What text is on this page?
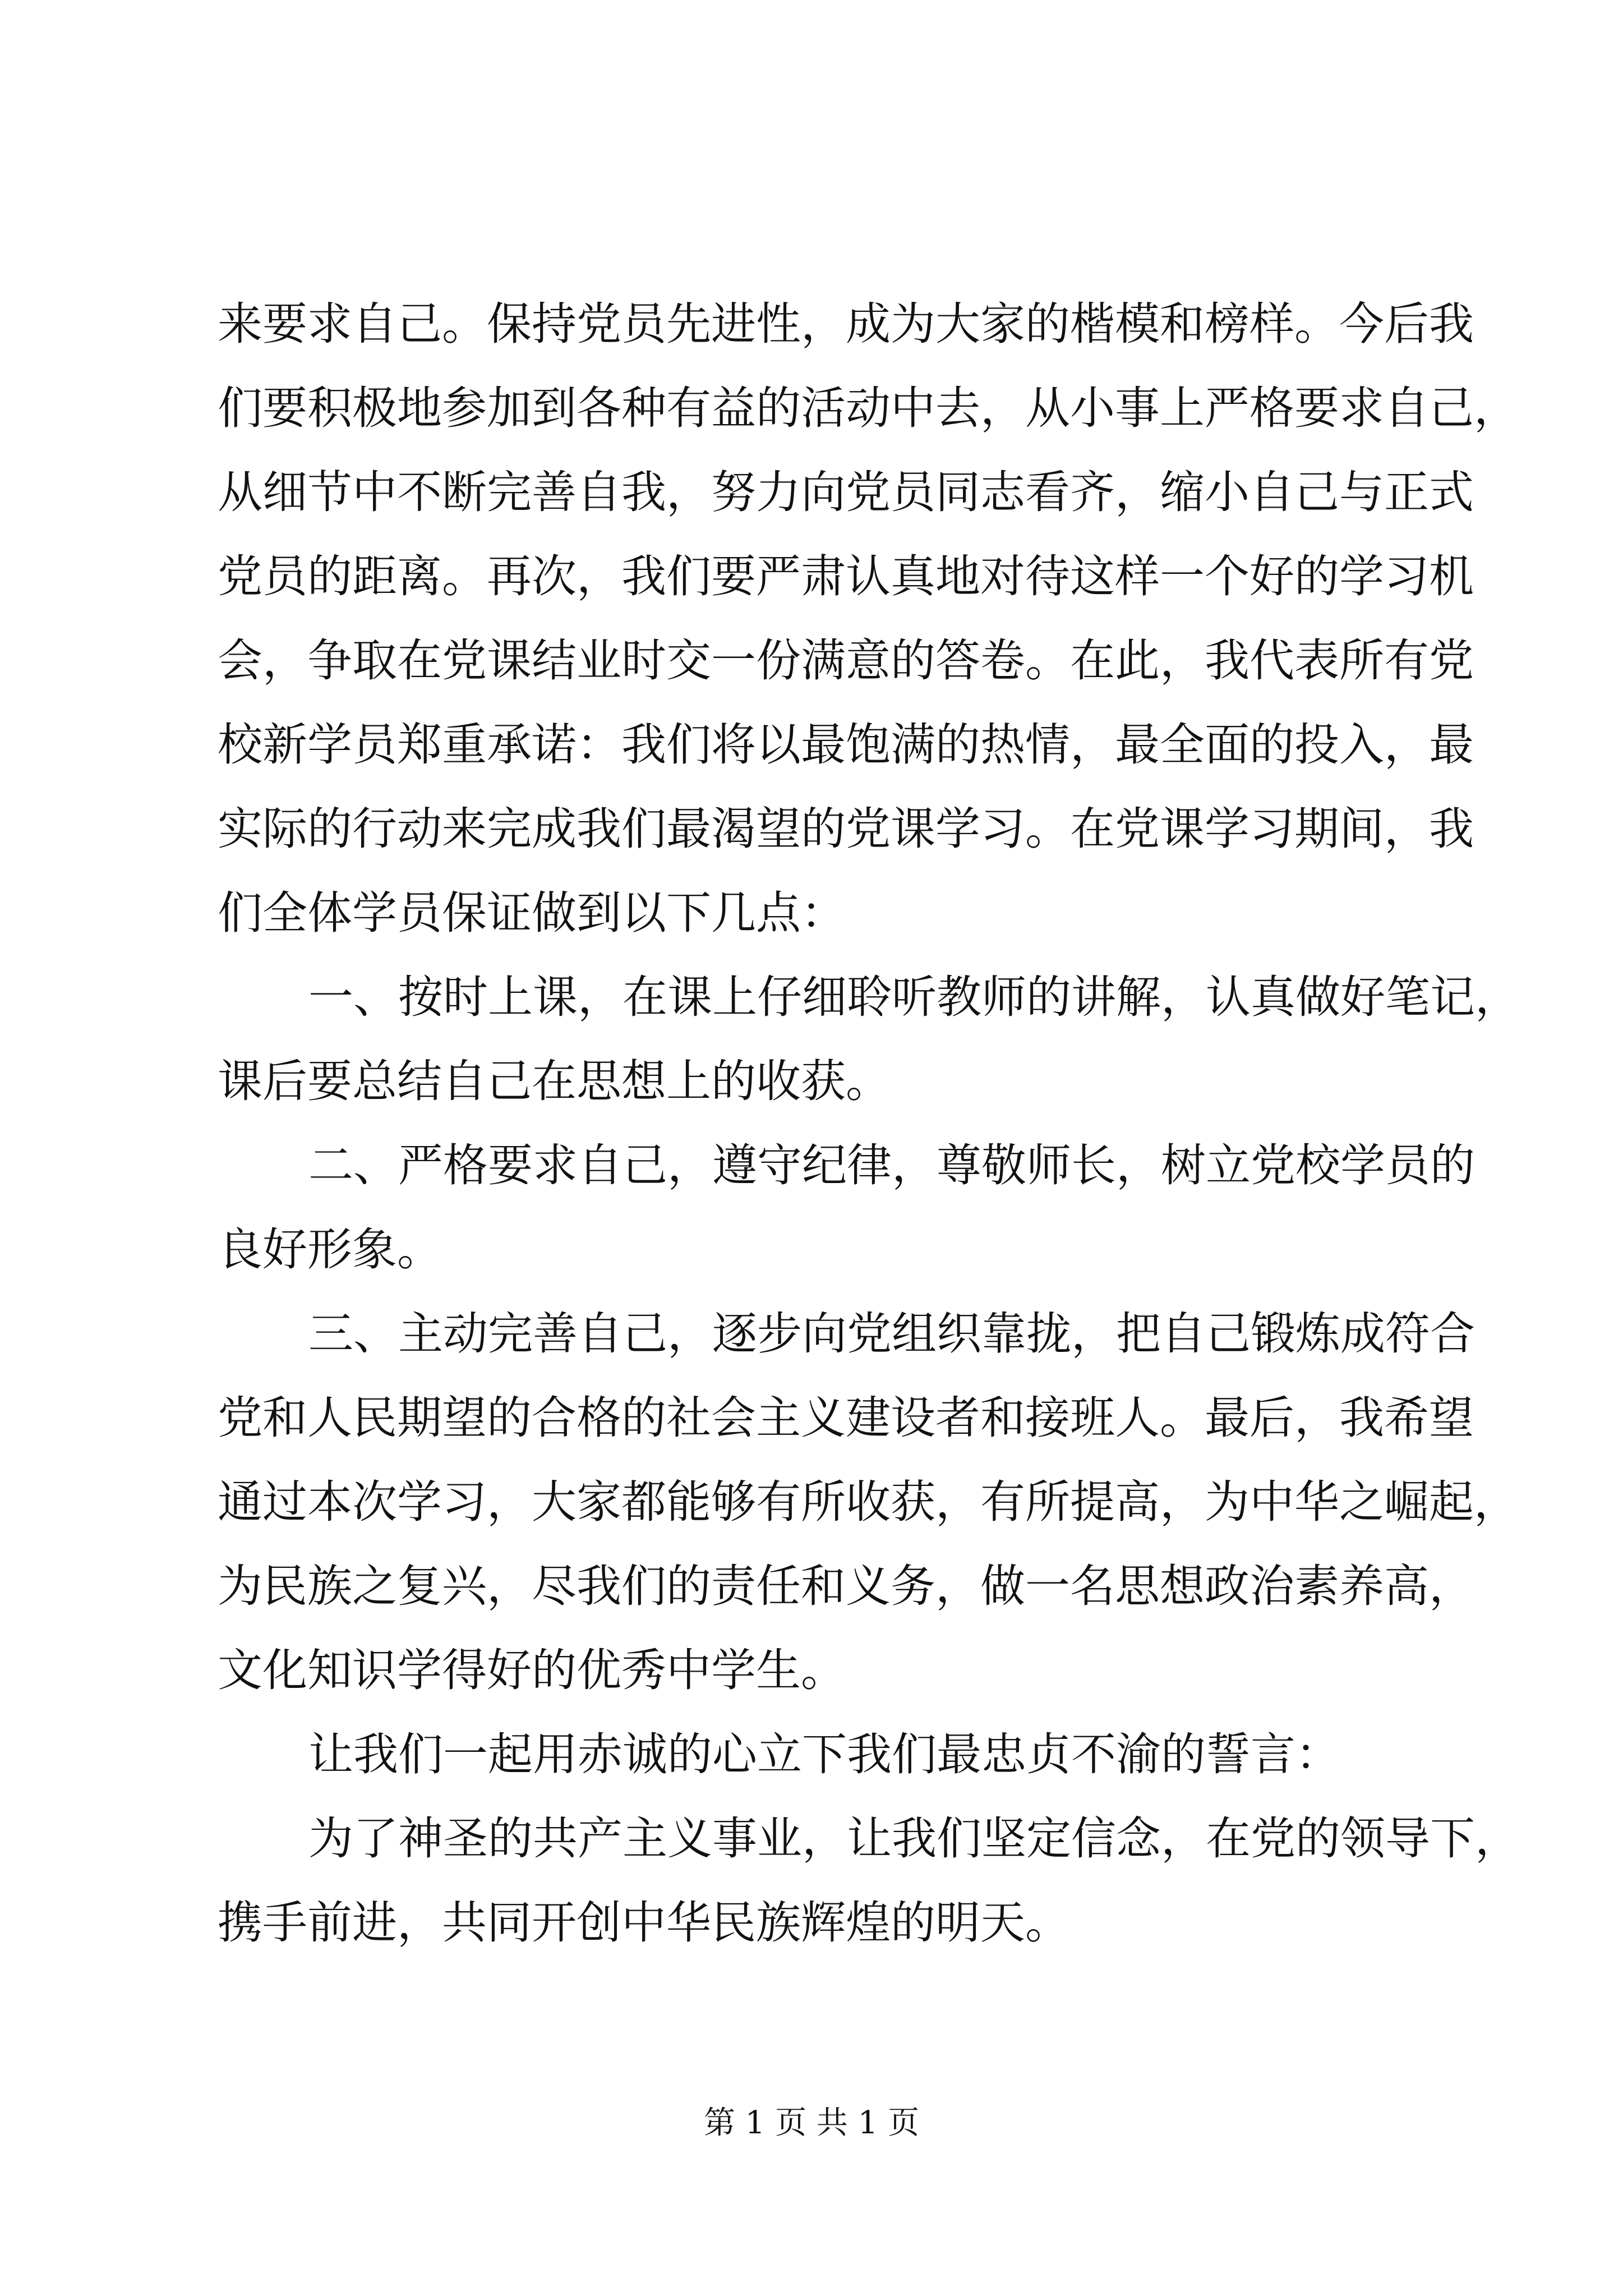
来要求自己。保持党员先进性，成为大家的楷模和榜样。今后我
们要积极地参加到各种有益的活动中去，从小事上严格要求自己，
从细节中不断完善自我，努力向党员同志看齐，缩小自己与正式
党员的距离。再次，我们要严肃认真地对待这样一个好的学习机
会，争取在党课结业时交一份满意的答卷。在此，我代表所有党
校新学员郑重承诺：我们将以最饱满的热情，最全面的投入，最
实际的行动来完成我们最渴望的党课学习。在党课学习期间，我
们全体学员保证做到以下几点：
一、按时上课，在课上仔细聆听教师的讲解，认真做好笔记，
课后要总结自己在思想上的收获。
二、严格要求自己，遵守纪律，尊敬师长，树立党校学员的
良好形象。
三、主动完善自己，逐步向党组织靠拢，把自己锻炼成符合
党和人民期望的合格的社会主义建设者和接班人。最后，我希望
通过本次学习，大家都能够有所收获，有所提高，为中华之崛起，
为民族之复兴，尽我们的责任和义务，做一名思想政治素养高，
文化知识学得好的优秀中学生。
让我们一起用赤诚的心立下我们最忠贞不渝的誓言：
为了神圣的共产主义事业，让我们坚定信念，在党的领导下，
携手前进，共同开创中华民族辉煌的明天。
第 1 页 共 1 页
